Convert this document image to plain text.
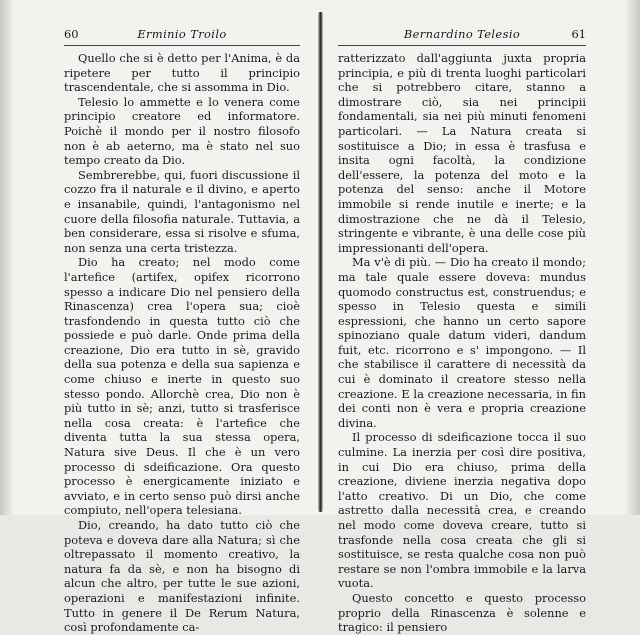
60	Erminio Troilo

Quello che si è detto per l'Anima, è da ripetere per tutto il principio trascendentale, che si assomma in Dio.

Telesio lo ammette e lo venera come principio creatore ed informatore. Poichè il mondo per il nostro filosofo non è ab aeterno, ma è stato nel suo tempo creato da Dio.

Sembrerebbe, qui, fuori discussione il cozzo fra il naturale e il divino, e aperto e insanabile, quindi, l'antagonismo nel cuore della filosofia naturale. Tuttavia, a ben considerare, essa si risolve e sfuma, non senza una certa tristezza.

Dio ha creato; nel modo come l'artefice (artifex, opifex ricorrono spesso a indicare Dio nel pensiero della Rinascenza) crea l'opera sua; cioè trasfondendo in questa tutto ciò che possiede e può darle. Onde prima della creazione, Dio era tutto in sè, gravido della sua potenza e della sua sapienza e come chiuso e inerte in questo suo stesso pondo. Allorchè crea, Dio non è più tutto in sè; anzi, tutto si trasferisce nella cosa creata: è l'artefice che diventa tutta la sua stessa opera, Natura sive Deus. Il che è un vero processo di sdeificazione. Ora questo processo è energicamente iniziato e avviato, e in certo senso può dirsi anche compiuto, nell'opera telesiana.

Dio, creando, ha dato tutto ciò che poteva e doveva dare alla Natura; sì che oltrepassato il momento creativo, la natura fa da sè, e non ha bisogno di alcun che altro, per tutte le sue azioni, operazioni e manifestazioni infinite. Tutto in genere il De Rerum Natura, così profondamente ca-

Bernardino Telesio	61

ratterizzato dall'aggiunta juxta propria principia, e più di trenta luoghi particolari che si potrebbero citare, stanno a dimostrare ciò, sia nei principii fondamentali, sia nei più minuti fenomeni particolari. — La Natura creata si sostituisce a Dio; in essa è trasfusa e insita ogni facoltà, la condizione dell'essere, la potenza del moto e la potenza del senso: anche il Motore immobile si rende inutile e inerte; e la dimostrazione che ne dà il Telesio, stringente e vibrante, è una delle cose più impressionanti dell'opera.

Ma v'è di più. — Dio ha creato il mondo; ma tale quale essere doveva: mundus quomodo constructus est, construendus; e spesso in Telesio questa e simili espressioni, che hanno un certo sapore spinoziano quale datum videri, dandum fuit, etc. ricorrono e s' impongono. — Il che stabilisce il carattere di necessità da cui è dominato il creatore stesso nella creazione. E la creazione necessaria, in fin dei conti non è vera e propria creazione divina.

Il processo di sdeificazione tocca il suo culmine. La inerzia per così dire positiva, in cui Dio era chiuso, prima della creazione, diviene inerzia negativa dopo l'atto creativo. Di un Dio, che come astretto dalla necessità crea, e creando nel modo come doveva creare, tutto si trasfonde nella cosa creata che gli si sostituisce, se resta qualche cosa non può restare se non l'ombra immobile e la larva vuota.

Questo concetto e questo processo proprio della Rinascenza è solenne e tragico: il pensiero
